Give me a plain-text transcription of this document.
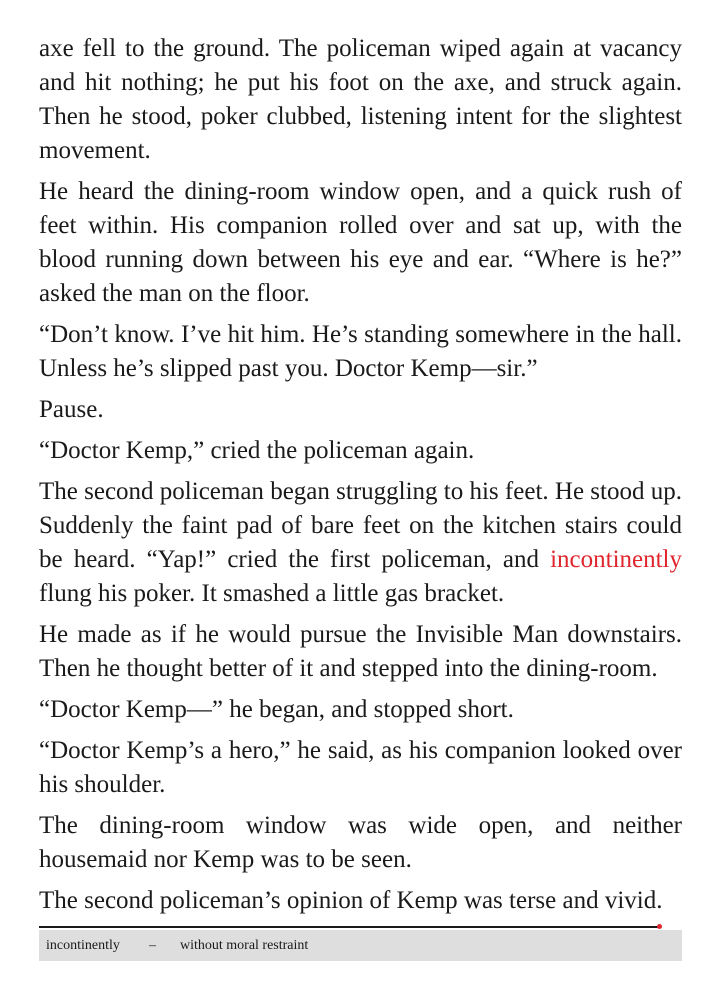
axe fell to the ground. The policeman wiped again at vacancy and hit nothing; he put his foot on the axe, and struck again. Then he stood, poker clubbed, listening intent for the slightest movement.

He heard the dining-room window open, and a quick rush of feet within. His companion rolled over and sat up, with the blood running down between his eye and ear. “Where is he?” asked the man on the floor.

“Don’t know. I’ve hit him. He’s standing somewhere in the hall. Unless he’s slipped past you. Doctor Kemp—sir.”

Pause.

“Doctor Kemp,” cried the policeman again.

The second policeman began struggling to his feet. He stood up. Suddenly the faint pad of bare feet on the kitchen stairs could be heard. “Yap!” cried the first policeman, and incontinently flung his poker. It smashed a little gas bracket.

He made as if he would pursue the Invisible Man downstairs. Then he thought better of it and stepped into the dining-room.

“Doctor Kemp—” he began, and stopped short.

“Doctor Kemp’s a hero,” he said, as his companion looked over his shoulder.

The dining-room window was wide open, and neither housemaid nor Kemp was to be seen.

The second policeman’s opinion of Kemp was terse and vivid.

incontinently – without moral restraint
